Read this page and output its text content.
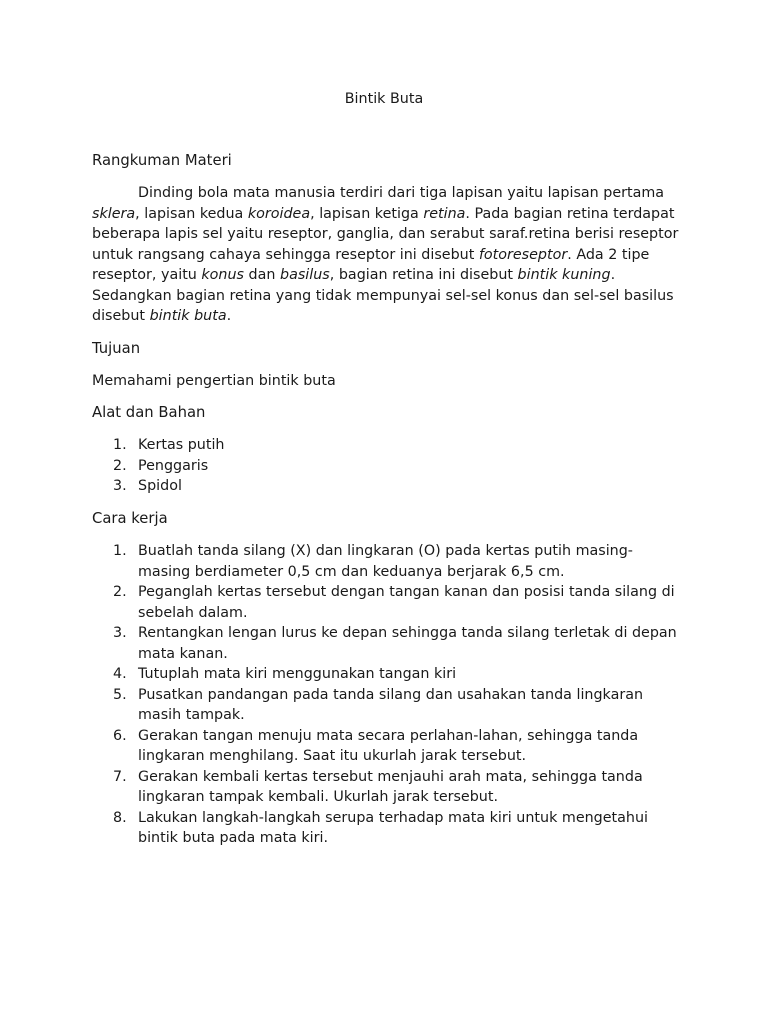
Bintik Buta
Rangkuman Materi

Dinding bola mata manusia terdiri dari tiga lapisan yaitu lapisan pertama sklera, lapisan kedua koroidea, lapisan ketiga retina. Pada bagian retina terdapat beberapa lapis sel yaitu reseptor, ganglia, dan serabut saraf.retina berisi reseptor untuk rangsang cahaya sehingga reseptor ini disebut fotoreseptor. Ada 2 tipe reseptor, yaitu konus dan basilus, bagian retina ini disebut bintik kuning. Sedangkan bagian retina yang tidak mempunyai sel-sel konus dan sel-sel basilus disebut bintik buta.

Tujuan

Memahami pengertian bintik buta

Alat dan Bahan
1. Kertas putih
2. Penggaris
3. Spidol
Cara kerja
1. Buatlah tanda silang (X) dan lingkaran (O) pada kertas putih masing-masing berdiameter 0,5 cm dan keduanya berjarak 6,5 cm.
2. Peganglah kertas tersebut dengan tangan kanan dan posisi tanda silang di sebelah dalam.
3. Rentangkan lengan lurus ke depan sehingga tanda silang terletak di depan mata kanan.
4. Tutuplah mata kiri menggunakan tangan kiri
5. Pusatkan pandangan pada tanda silang dan usahakan tanda lingkaran masih tampak.
6. Gerakan tangan menuju mata secara perlahan-lahan, sehingga tanda lingkaran menghilang. Saat itu ukurlah jarak tersebut.
7. Gerakan kembali kertas tersebut menjauhi arah mata, sehingga tanda lingkaran tampak kembali. Ukurlah jarak tersebut.
8. Lakukan langkah-langkah serupa terhadap mata kiri untuk mengetahui bintik buta pada mata kiri.
